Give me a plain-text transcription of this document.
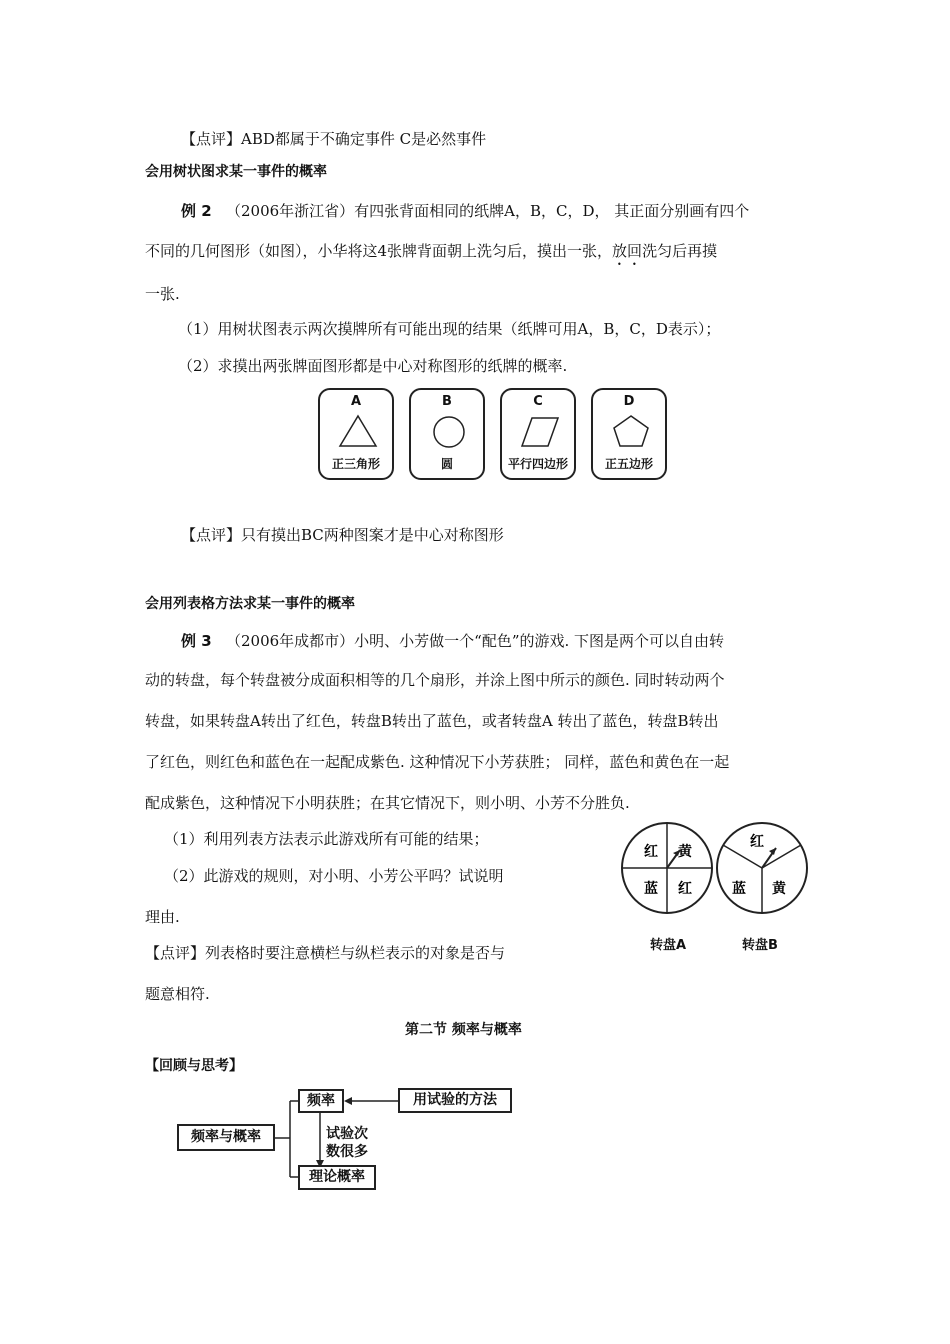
【点评】ABD都属于不确定事件 C是必然事件
会用树状图求某一事件的概率
例 2 （2006年浙江省）有四张背面相同的纸牌A，B，C，D， 其正面分别画有四个
不同的几何图形（如图），小华将这4张牌背面朝上洗匀后，摸出一张，放回洗匀后再摸
一张.
（1）用树状图表示两次摸牌所有可能出现的结果（纸牌可用A，B，C，D表示）；
（2）求摸出两张牌面图形都是中心对称图形的纸牌的概率.
A
正三角形
B
圆
C
平行四边形
D
正五边形
【点评】只有摸出BC两种图案才是中心对称图形
会用列表格方法求某一事件的概率
例 3 （2006年成都市）小明、小芳做一个“配色”的游戏. 下图是两个可以自由转
动的转盘，每个转盘被分成面积相等的几个扇形，并涂上图中所示的颜色. 同时转动两个
转盘，如果转盘A转出了红色，转盘B转出了蓝色，或者转盘A 转出了蓝色，转盘B转出
了红色，则红色和蓝色在一起配成紫色. 这种情况下小芳获胜； 同样，蓝色和黄色在一起
配成紫色，这种情况下小明获胜；在其它情况下，则小明、小芳不分胜负.
（1）利用列表方法表示此游戏所有可能的结果；
（2）此游戏的规则，对小明、小芳公平吗？试说明
理由.
【点评】列表格时要注意横栏与纵栏表示的对象是否与
题意相符.
红 黄
蓝 红
转盘A
红
蓝 黄
转盘B
第二节 频率与概率
【回顾与思考】
频率与概率
频率
理论概率
用试验的方法
试验次
数很多
